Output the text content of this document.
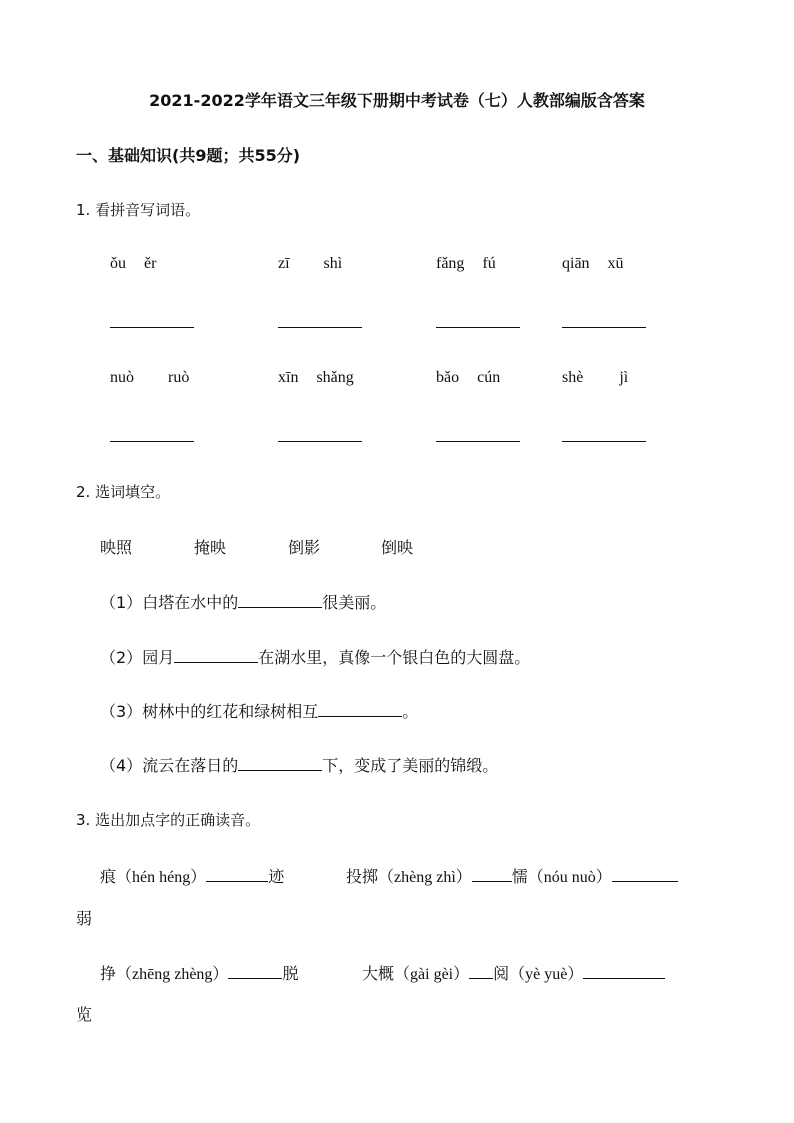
2021-2022学年语文三年级下册期中考试卷（七）人教部编版含答案
一、基础知识(共9题；共55分)
1. 看拼音写词语。
ǒu ěr	zī shì	fǎng fú	qiān xū
nuò ruò	xīn shǎng	bǎo cún	shè jì
2. 选词填空。
映照	掩映	倒影	倒映
（1）白塔在水中的	很美丽。
（2）园月	在湖水里，真像一个银白色的大圆盘。
（3）树林中的红花和绿树相互	。
（4）流云在落日的	下，变成了美丽的锦缎。
3. 选出加点字的正确读音。
痕（hén héng）	迹	投掷（zhèng zhì）	懦（nóu nuò）
弱
挣（zhēng zhèng）	脱	大概（gài gèi） 阅（yè yuè）
览
